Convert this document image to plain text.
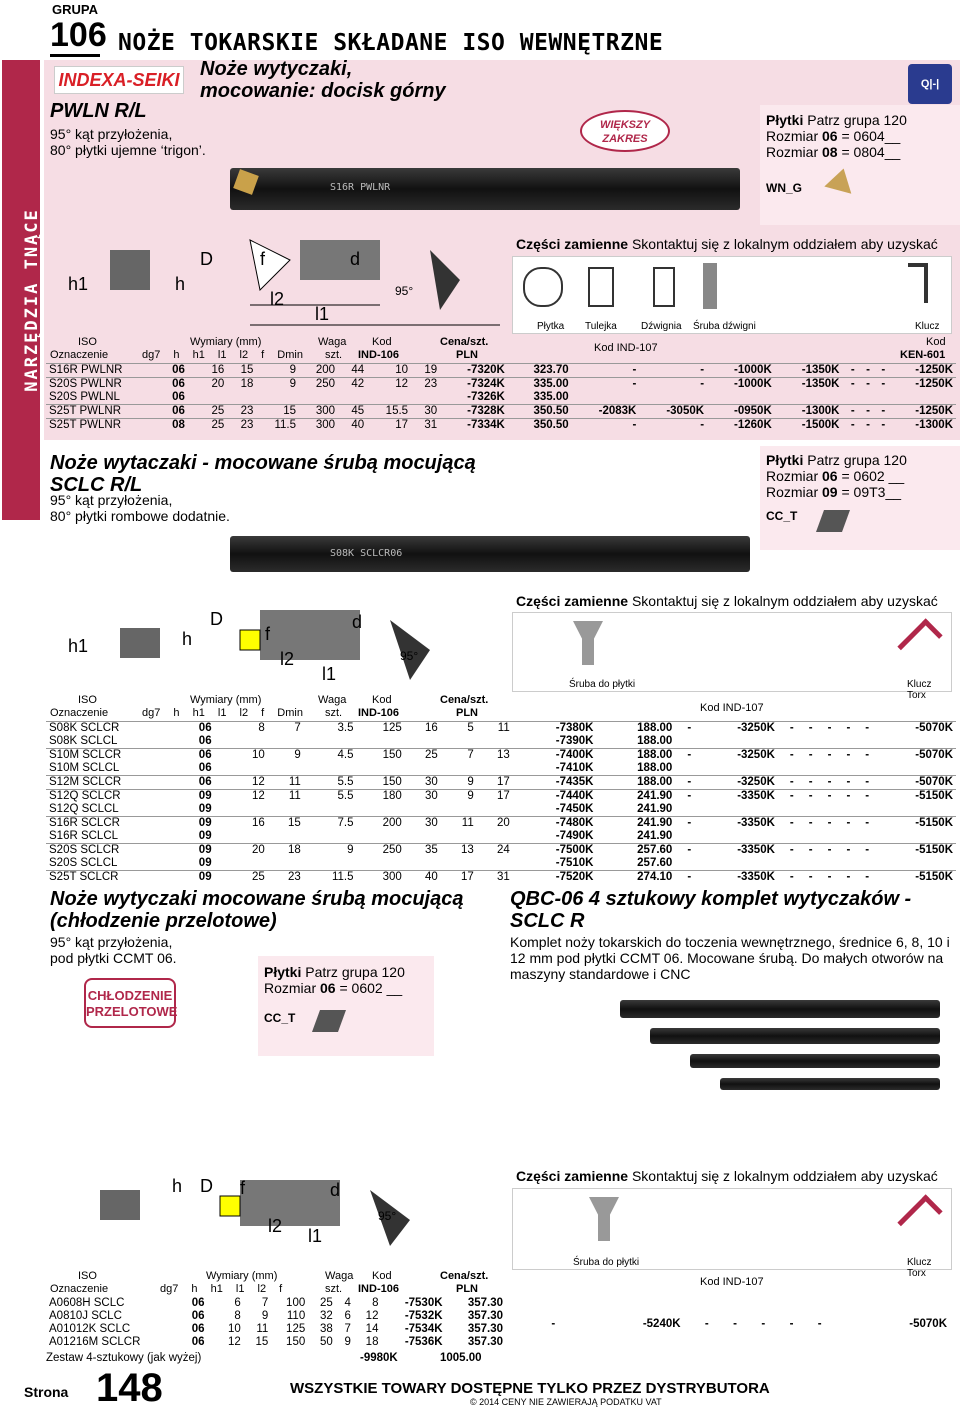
GRUPA
106 NOŻE TOKARSKIE SKŁADANE ISO WEWNĘTRZNE
NARZĘDZIA TNĄCE
INDEXA-SEIKI Noże wytyczaki,
mocowanie: docisk górny	Q|-|
PWLN R/L
95° kąt przyłożenia,
80° płytki ujemne ‘trigon’.
WIĘKSZY
ZAKRES
S16R PWLNR
Płytki Patrz grupa 120
Rozmiar 06 = 0604__
Rozmiar 08 = 0804__
WN_G
h1	h
D	f
l2
l1
d
95°
Części zamienne Skontaktuj się z lokalnym oddziałem aby uzyskać
Płytka Tulejka Dźwignia Śruba dźwigni	Klucz
ISO	Wymiary (mm)	Waga Kod	Cena/szt.	Kod IND-107	Kod
Oznaczenie	dg7 h h1 l1 l2 f Dmin szt. IND-106	PLN	KEN-601
S16R PWLNR	06	16	15	9	200	44	10	19	-7320K	323.70	-	-	-1000K	-1350K	-	-	-	-1250K
S20S PWLNR	06	20	18	9	250	42	12	23	-7324K	335.00	-	-	-1000K	-1350K	-	-	-	-1250K
S20S PWLNL	06								-7326K	335.00								
S25T PWLNR	06	25	23	15	300	45	15.5	30	-7328K	350.50	-2083K	-3050K	-0950K	-1300K	-	-	-	-1250K
S25T PWLNR	08	25	23	11.5	300	40	17	31	-7334K	350.50	-	-	-1260K	-1500K	-	-	-	-1300K
Noże wytaczaki - mocowane śrubą mocującą
SCLC R/L
95° kąt przyłożenia,
80° płytki rombowe dodatnie.
Płytki Patrz grupa 120
Rozmiar 06 = 0602 __
Rozmiar 09 = 09T3__
CC_T
S08K SCLCR06
h1	h
D
f
l2
l1
d
95°
Części zamienne Skontaktuj się z lokalnym oddziałem aby uzyskać
Śruba do płytki	Klucz Torx
ISO	Wymiary (mm)	Waga Kod	Cena/szt.
Kod IND-107
Oznaczenie	dg7 h h1 l1 l2 f Dmin szt. IND-106	PLN
S08K SCLCR	06	8	7	3.5	125	16	5	11	-7380K	188.00	-	-3250K	-	-	-	-	-	-5070K
S08K SCLCL	06								-7390K	188.00								
S10M SCLCR	06	10	9	4.5	150	25	7	13	-7400K	188.00	-	-3250K	-	-	-	-	-	-5070K
S10M SCLCL	06								-7410K	188.00								
S12M SCLCR	06	12	11	5.5	150	30	9	17	-7435K	188.00	-	-3250K	-	-	-	-	-	-5070K
S12Q SCLCR	09	12	11	5.5	180	30	9	17	-7440K	241.90	-	-3350K	-	-	-	-	-	-5150K
S12Q SCLCL	09								-7450K	241.90								
S16R SCLCR	09	16	15	7.5	200	30	11	20	-7480K	241.90	-	-3350K	-	-	-	-	-	-5150K
S16R SCLCL	09								-7490K	241.90								
S20S SCLCR	09	20	18	9	250	35	13	24	-7500K	257.60	-	-3350K	-	-	-	-	-	-5150K
S20S SCLCL	09								-7510K	257.60								
S25T SCLCR	09	25	23	11.5	300	40	17	31	-7520K	274.10	-	-3350K	-	-	-	-	-	-5150K
Noże wytyczaki mocowane śrubą mocującą
(chłodzenie przelotowe)
95° kąt przyłożenia,
pod płytki CCMT 06.
CHŁODZENIE
PRZELOTOWE
Płytki Patrz grupa 120
Rozmiar 06 = 0602 __
CC_T
QBC-06 4 sztukowy komplet wytyczaków -
SCLC R
Komplet noży tokarskich do toczenia wewnętrznego, średnice 6, 8, 10 i 12 mm pod płytki CCMT 06. Mocowane śrubą. Do małych otworów na maszyny standardowe i CNC
h D f
l2 l1
d
95°
Części zamienne Skontaktuj się z lokalnym oddziałem aby uzyskać
Śruba do płytki	Klucz Torx
ISO	Wymiary (mm)	Waga Kod	Cena/szt.	Kod IND-107
Oznaczenie	dg7 h h1 l1 l2 f	szt. IND-106	PLN
A0608H SCLC	06	6	7	100	25	4	8	-7530K	357.30
A0810J SCLC	06	8	9	110	32	6	12	-7532K	357.30
A01012K SCLC	06	10	11	125	38	7	14	-7534K	357.30
A01216M SCLCR	06	12	15	150	50	9	18	-7536K	357.30
-	-5240K	-	-	-	-	-	-5070K
Zestaw 4-sztukowy (jak wyżej)	-9980K	1005.00
Strona 148	WSZYSTKIE TOWARY DOSTĘPNE TYLKO PRZEZ DYSTRYBUTORA
© 2014 CENY NIE ZAWIERAJĄ PODATKU VAT
